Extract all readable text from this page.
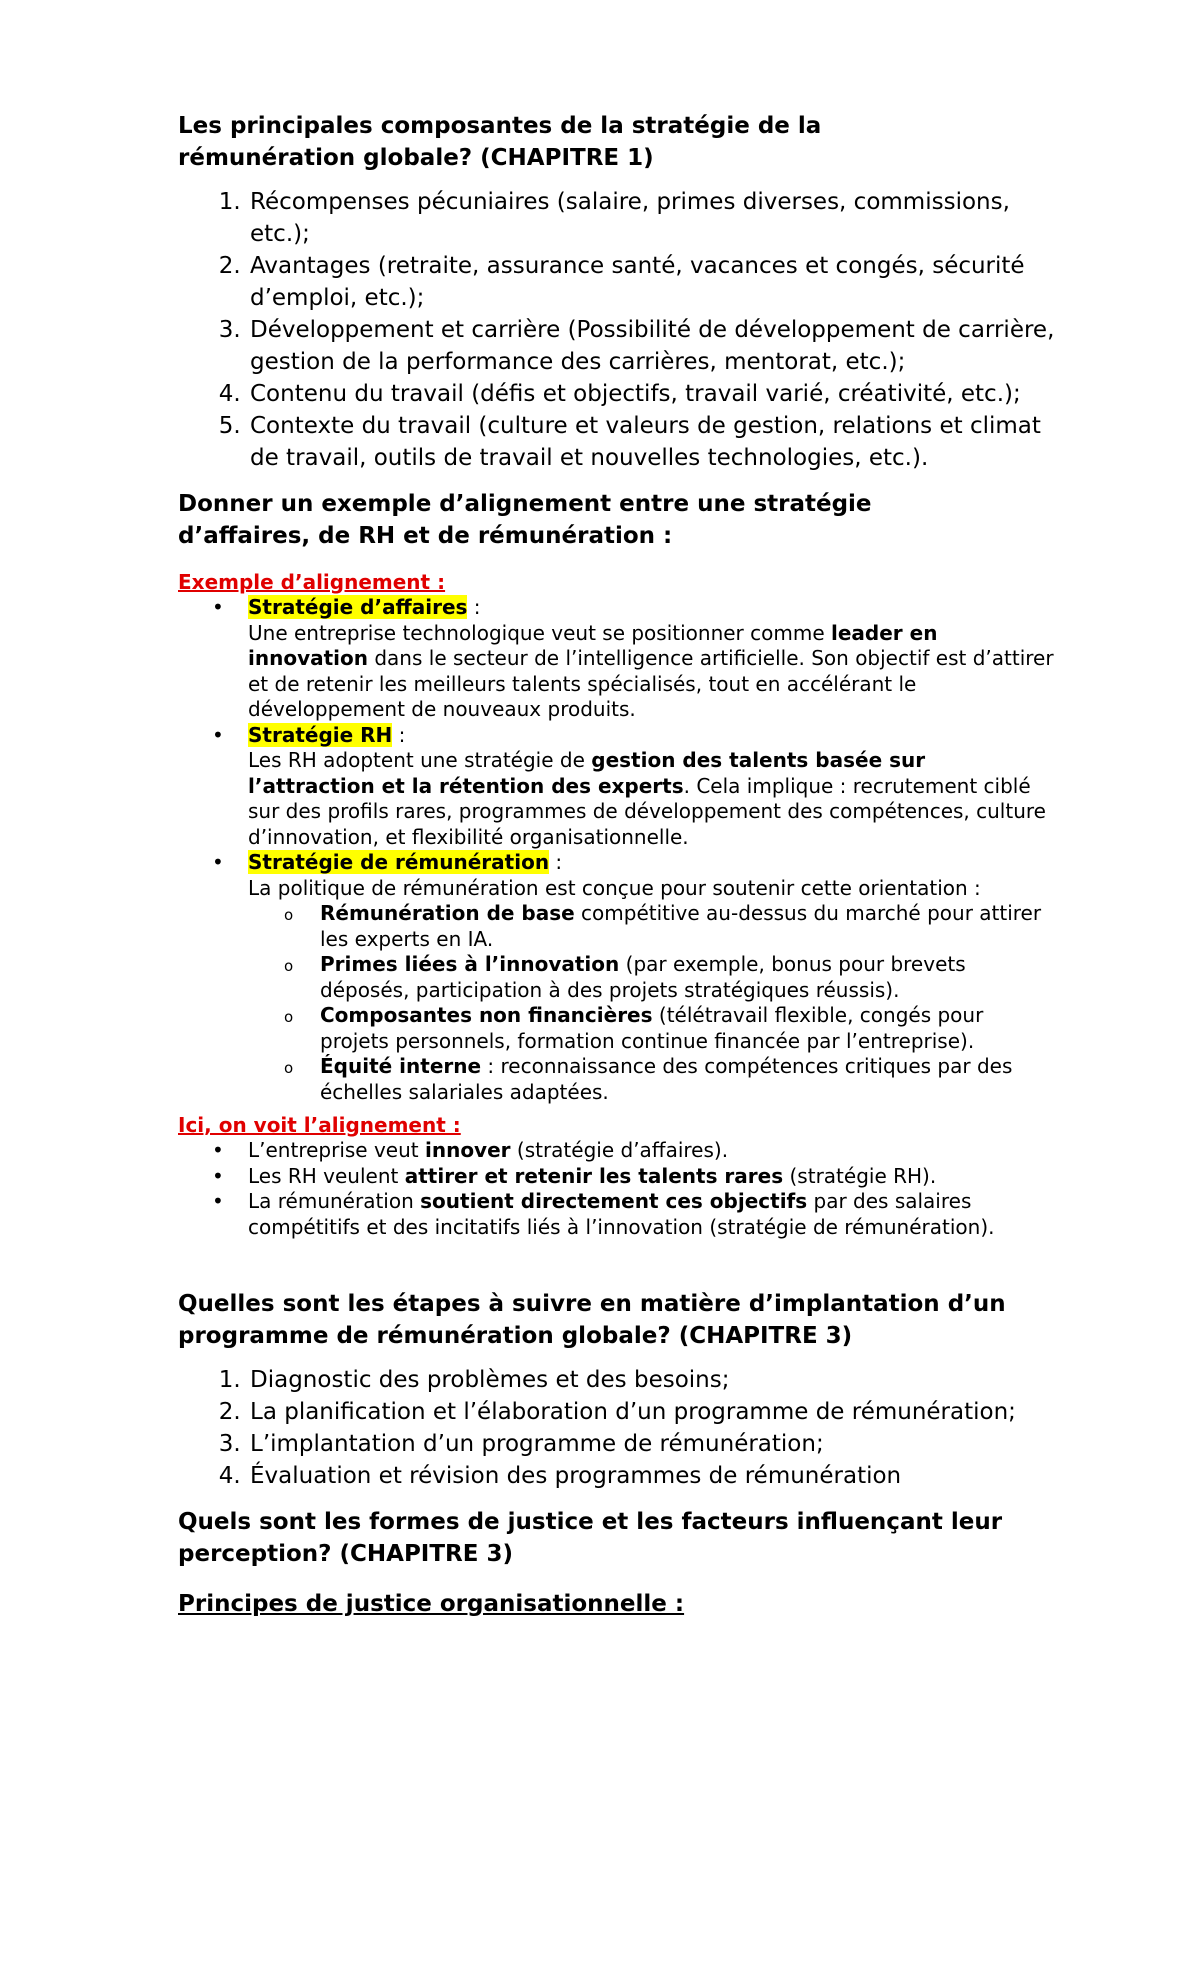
Les principales composantes de la stratégie de la
rémunération globale? (CHAPITRE 1)
1. Récompenses pécuniaires (salaire, primes diverses, commissions, etc.);
2. Avantages (retraite, assurance santé, vacances et congés, sécurité d’emploi, etc.);
3. Développement et carrière (Possibilité de développement de carrière, gestion de la performance des carrières, mentorat, etc.);
4. Contenu du travail (défis et objectifs, travail varié, créativité, etc.);
5. Contexte du travail (culture et valeurs de gestion, relations et climat de travail, outils de travail et nouvelles technologies, etc.).
Donner un exemple d’alignement entre une stratégie
d’affaires, de RH et de rémunération :
Exemple d’alignement :
• Stratégie d’affaires :
Une entreprise technologique veut se positionner comme leader en innovation dans le secteur de l’intelligence artificielle. Son objectif est d’attirer et de retenir les meilleurs talents spécialisés, tout en accélérant le développement de nouveaux produits.
• Stratégie RH :
Les RH adoptent une stratégie de gestion des talents basée sur l’attraction et la rétention des experts. Cela implique : recrutement ciblé sur des profils rares, programmes de développement des compétences, culture d’innovation, et flexibilité organisationnelle.
• Stratégie de rémunération :
La politique de rémunération est conçue pour soutenir cette orientation :
o Rémunération de base compétitive au-dessus du marché pour attirer les experts en IA.
o Primes liées à l’innovation (par exemple, bonus pour brevets déposés, participation à des projets stratégiques réussis).
o Composantes non financières (télétravail flexible, congés pour projets personnels, formation continue financée par l’entreprise).
o Équité interne : reconnaissance des compétences critiques par des échelles salariales adaptées.
Ici, on voit l’alignement :
• L’entreprise veut innover (stratégie d’affaires).
• Les RH veulent attirer et retenir les talents rares (stratégie RH).
• La rémunération soutient directement ces objectifs par des salaires compétitifs et des incitatifs liés à l’innovation (stratégie de rémunération).
Quelles sont les étapes à suivre en matière d’implantation d’un
programme de rémunération globale? (CHAPITRE 3)
1. Diagnostic des problèmes et des besoins;
2. La planification et l’élaboration d’un programme de rémunération;
3. L’implantation d’un programme de rémunération;
4. Évaluation et révision des programmes de rémunération
Quels sont les formes de justice et les facteurs influençant leur
perception? (CHAPITRE 3)
Principes de justice organisationnelle :
